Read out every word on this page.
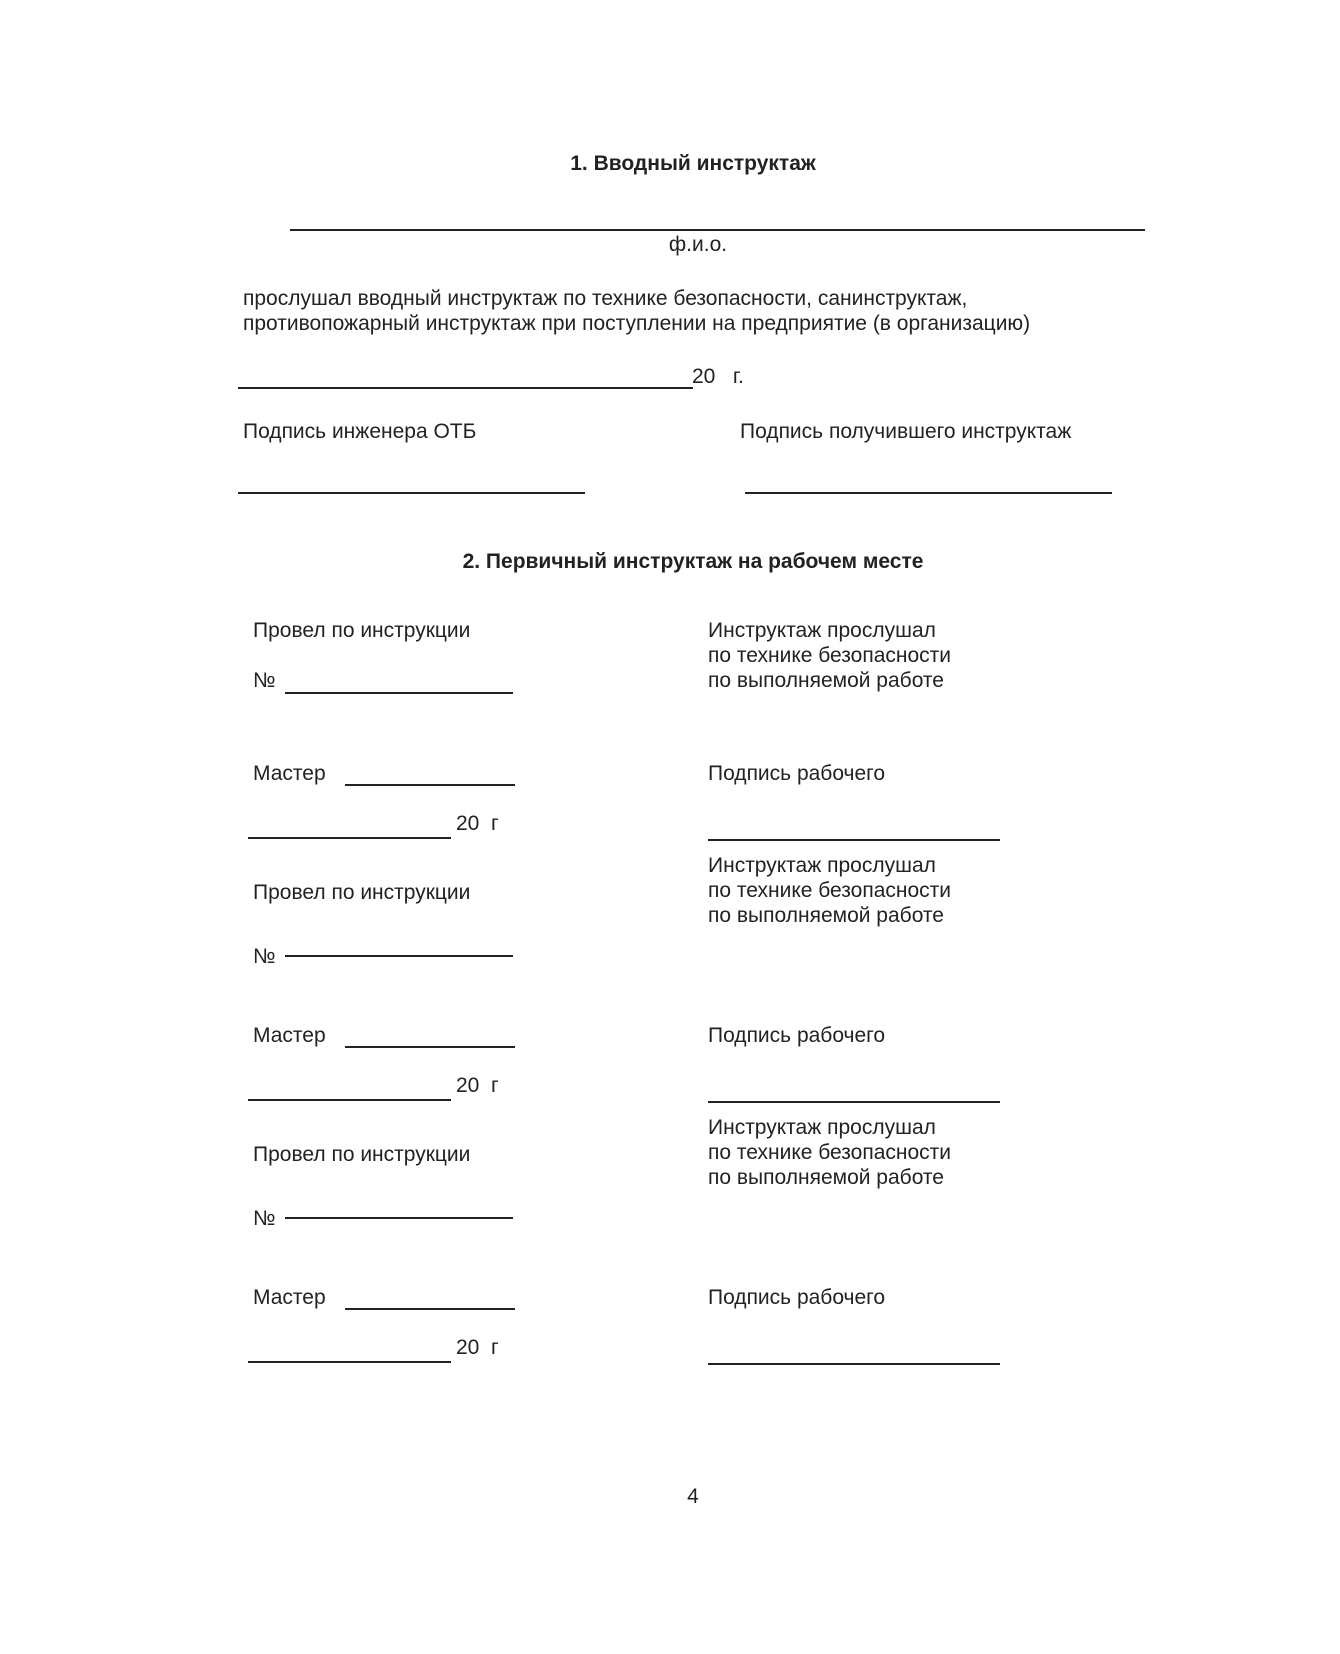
1. Вводный инструктаж
ф.и.о.
прослушал вводный инструктаж по технике безопасности, санинструктаж,
противопожарный инструктаж при поступлении на предприятие (в организацию)
20   г.
Подпись инженера ОТБ	Подпись получившего инструктаж
2. Первичный инструктаж на рабочем месте
Провел по инструкции
№
Инструктаж прослушал
по технике безопасности
по выполняемой работе
Мастер	Подпись рабочего
20  г
Провел по инструкции
№
Инструктаж прослушал
по технике безопасности
по выполняемой работе
Мастер	Подпись рабочего
20  г
Провел по инструкции
№
Инструктаж прослушал
по технике безопасности
по выполняемой работе
Мастер	Подпись рабочего
20  г
4
